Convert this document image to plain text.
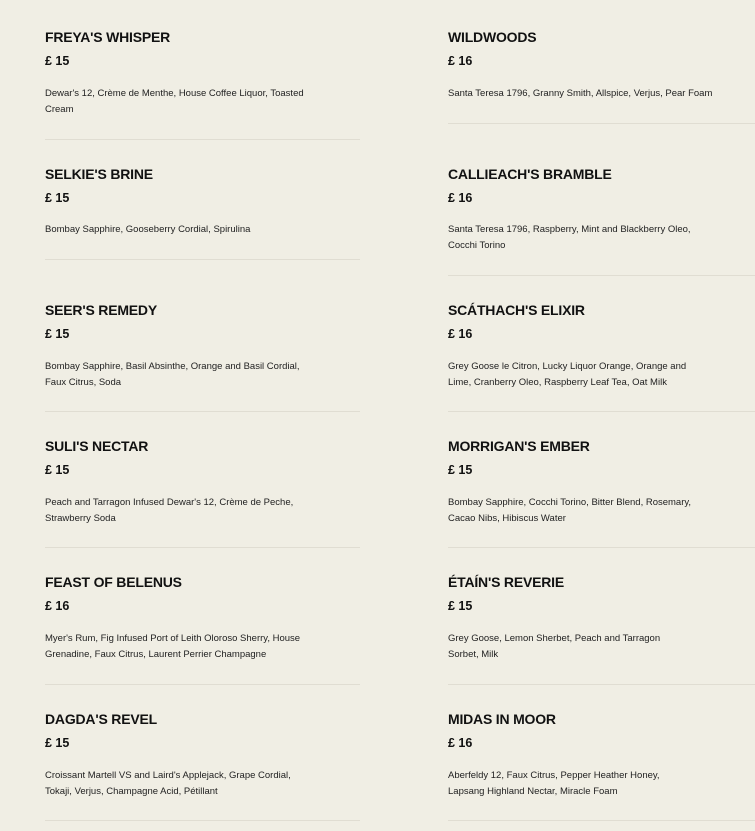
FREYA'S WHISPER
£ 15
Dewar's 12, Crème de Menthe, House Coffee Liquor, Toasted Cream
WILDWOODS
£ 16
Santa Teresa 1796, Granny Smith, Allspice, Verjus, Pear Foam
SELKIE'S BRINE
£ 15
Bombay Sapphire, Gooseberry Cordial, Spirulina
CALLIEACH'S BRAMBLE
£ 16
Santa Teresa 1796, Raspberry, Mint and Blackberry Oleo, Cocchi Torino
SEER'S REMEDY
£ 15
Bombay Sapphire, Basil Absinthe, Orange and Basil Cordial, Faux Citrus, Soda
SCÁTHACH'S ELIXIR
£ 16
Grey Goose le Citron, Lucky Liquor Orange, Orange and Lime, Cranberry Oleo, Raspberry Leaf Tea, Oat Milk
SULI'S NECTAR
£ 15
Peach and Tarragon Infused Dewar's 12, Crème de Peche, Strawberry Soda
MORRIGAN'S EMBER
£ 15
Bombay Sapphire, Cocchi Torino, Bitter Blend, Rosemary, Cacao Nibs, Hibiscus Water
FEAST OF BELENUS
£ 16
Myer's Rum, Fig Infused Port of Leith Oloroso Sherry, House Grenadine, Faux Citrus, Laurent Perrier Champagne
ÉTAÍN'S REVERIE
£ 15
Grey Goose, Lemon Sherbet, Peach and Tarragon Sorbet, Milk
DAGDA'S REVEL
£ 15
Croissant Martell VS and Laird's Applejack, Grape Cordial, Tokaji, Verjus, Champagne Acid, Pétillant
MIDAS IN MOOR
£ 16
Aberfeldy 12, Faux Citrus, Pepper Heather Honey, Lapsang Highland Nectar, Miracle Foam
